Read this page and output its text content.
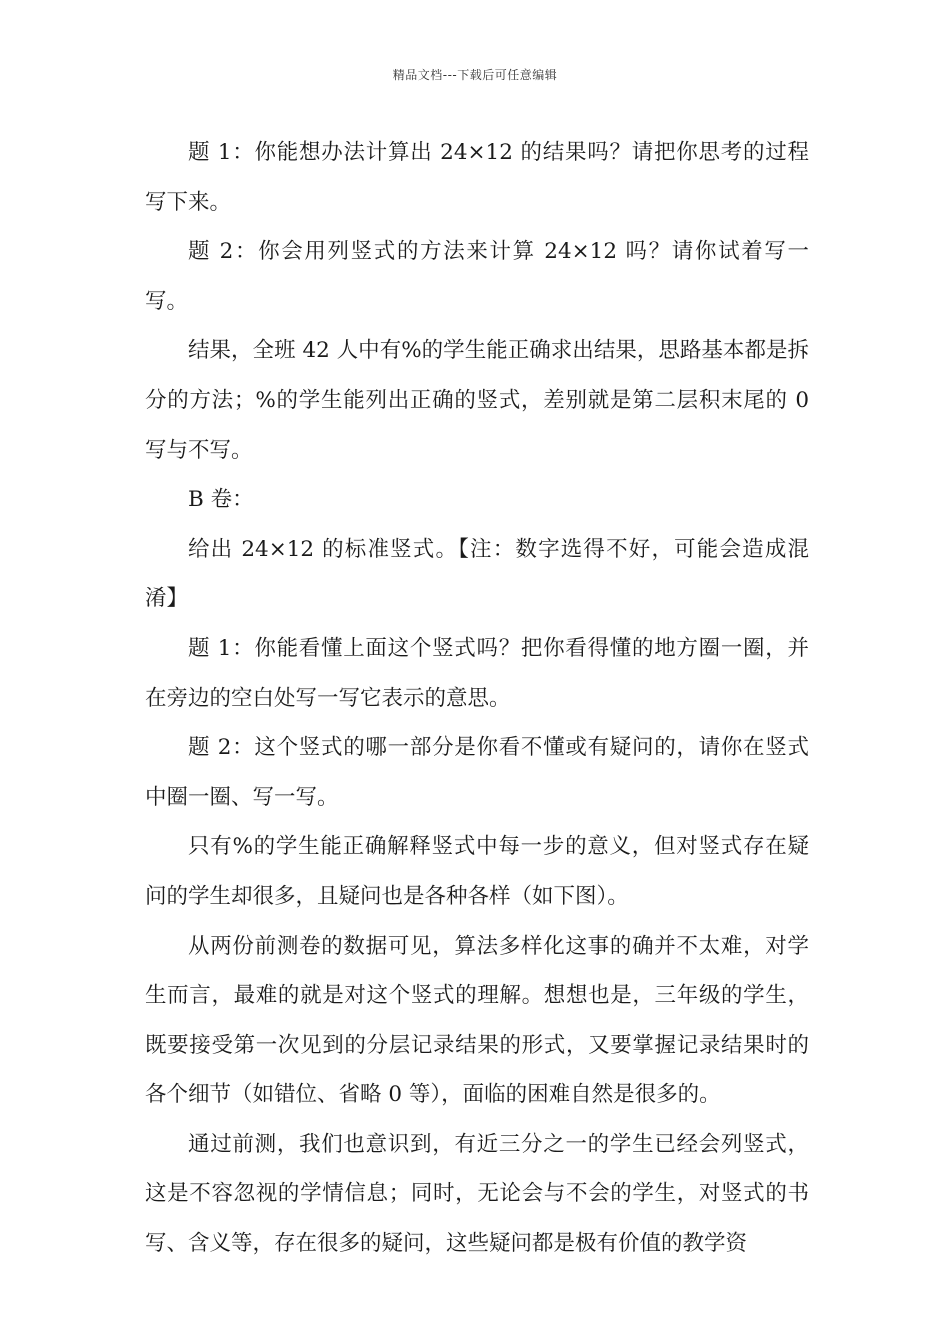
精品文档---下载后可任意编辑

题 1：你能想办法计算出 24×12 的结果吗？请把你思考的过程写下来。

题 2：你会用列竖式的方法来计算 24×12 吗？请你试着写一写。

结果，全班 42 人中有%的学生能正确求出结果，思路基本都是拆分的方法；%的学生能列出正确的竖式，差别就是第二层积末尾的 0 写与不写。

B 卷：

给出 24×12 的标准竖式。【注：数字选得不好，可能会造成混淆】

题 1：你能看懂上面这个竖式吗？把你看得懂的地方圈一圈，并在旁边的空白处写一写它表示的意思。

题 2：这个竖式的哪一部分是你看不懂或有疑问的，请你在竖式中圈一圈、写一写。

只有%的学生能正确解释竖式中每一步的意义，但对竖式存在疑问的学生却很多，且疑问也是各种各样（如下图）。

从两份前测卷的数据可见，算法多样化这事的确并不太难，对学生而言，最难的就是对这个竖式的理解。想想也是，三年级的学生，既要接受第一次见到的分层记录结果的形式，又要掌握记录结果时的各个细节（如错位、省略 0 等），面临的困难自然是很多的。

通过前测，我们也意识到，有近三分之一的学生已经会列竖式，这是不容忽视的学情信息；同时，无论会与不会的学生，对竖式的书写、含义等，存在很多的疑问，这些疑问都是极有价值的教学资
